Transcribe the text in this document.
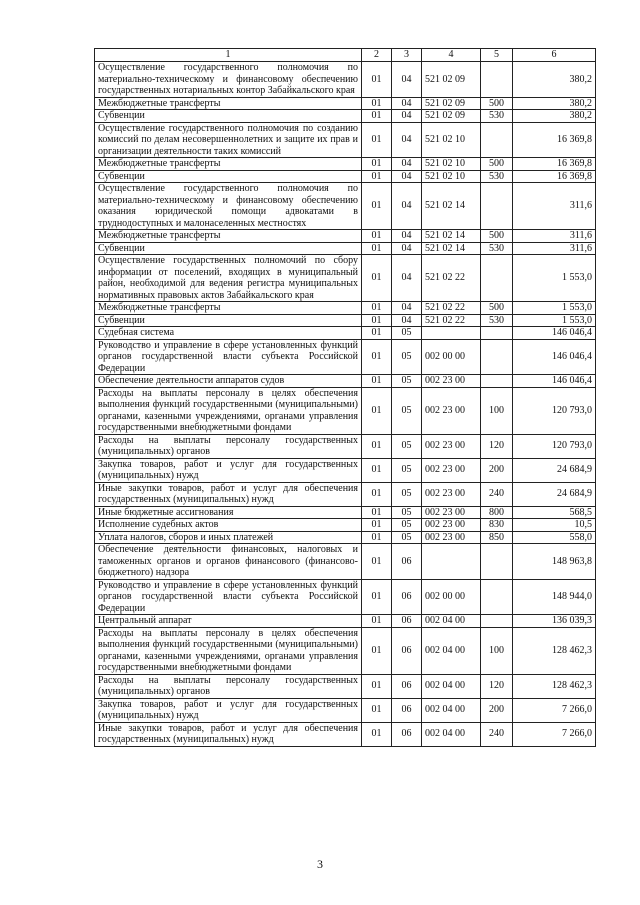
1	2	3	4	5	6
Осуществление государственного полномочия по материально-техническому и финансовому обеспечению государственных нотариальных контор Забайкальского края	01	04	521 02 09		380,2
Межбюджетные трансферты	01	04	521 02 09	500	380,2
Субвенции	01	04	521 02 09	530	380,2
Осуществление государственного полномочия по созданию комиссий по делам несовершеннолетних и защите их прав и организации деятельности таких комиссий	01	04	521 02 10		16 369,8
Межбюджетные трансферты	01	04	521 02 10	500	16 369,8
Субвенции	01	04	521 02 10	530	16 369,8
Осуществление государственного полномочия по материально-техническому и финансовому обеспечению оказания юридической помощи адвокатами в труднодоступных и малонаселенных местностях	01	04	521 02 14		311,6
Межбюджетные трансферты	01	04	521 02 14	500	311,6
Субвенции	01	04	521 02 14	530	311,6
Осуществление государственных полномочий по сбору информации от поселений, входящих в муниципальный район, необходимой для ведения регистра муниципальных нормативных правовых актов Забайкальского края	01	04	521 02 22		1 553,0
Межбюджетные трансферты	01	04	521 02 22	500	1 553,0
Субвенции	01	04	521 02 22	530	1 553,0
Судебная система	01	05			146 046,4
Руководство и управление в сфере установленных функций органов государственной власти субъекта Российской Федерации	01	05	002 00 00		146 046,4
Обеспечение деятельности аппаратов судов	01	05	002 23 00		146 046,4
Расходы на выплаты персоналу в целях обеспечения выполнения функций государственными (муниципальными) органами, казенными учреждениями, органами управления государственными внебюджетными фондами	01	05	002 23 00	100	120 793,0
Расходы на выплаты персоналу государственных (муниципальных) органов	01	05	002 23 00	120	120 793,0
Закупка товаров, работ и услуг для государственных (муниципальных) нужд	01	05	002 23 00	200	24 684,9
Иные закупки товаров, работ и услуг для обеспечения государственных (муниципальных) нужд	01	05	002 23 00	240	24 684,9
Иные бюджетные ассигнования	01	05	002 23 00	800	568,5
Исполнение судебных актов	01	05	002 23 00	830	10,5
Уплата налогов, сборов и иных платежей	01	05	002 23 00	850	558,0
Обеспечение деятельности финансовых, налоговых и таможенных органов и органов финансового (финансово-бюджетного) надзора	01	06			148 963,8
Руководство и управление в сфере установленных функций органов государственной власти субъекта Российской Федерации	01	06	002 00 00		148 944,0
Центральный аппарат	01	06	002 04 00		136 039,3
Расходы на выплаты персоналу в целях обеспечения выполнения функций государственными (муниципальными) органами, казенными учреждениями, органами управления государственными внебюджетными фондами	01	06	002 04 00	100	128 462,3
Расходы на выплаты персоналу государственных (муниципальных) органов	01	06	002 04 00	120	128 462,3
Закупка товаров, работ и услуг для государственных (муниципальных) нужд	01	06	002 04 00	200	7 266,0
Иные закупки товаров, работ и услуг для обеспечения государственных (муниципальных) нужд	01	06	002 04 00	240	7 266,0
3
